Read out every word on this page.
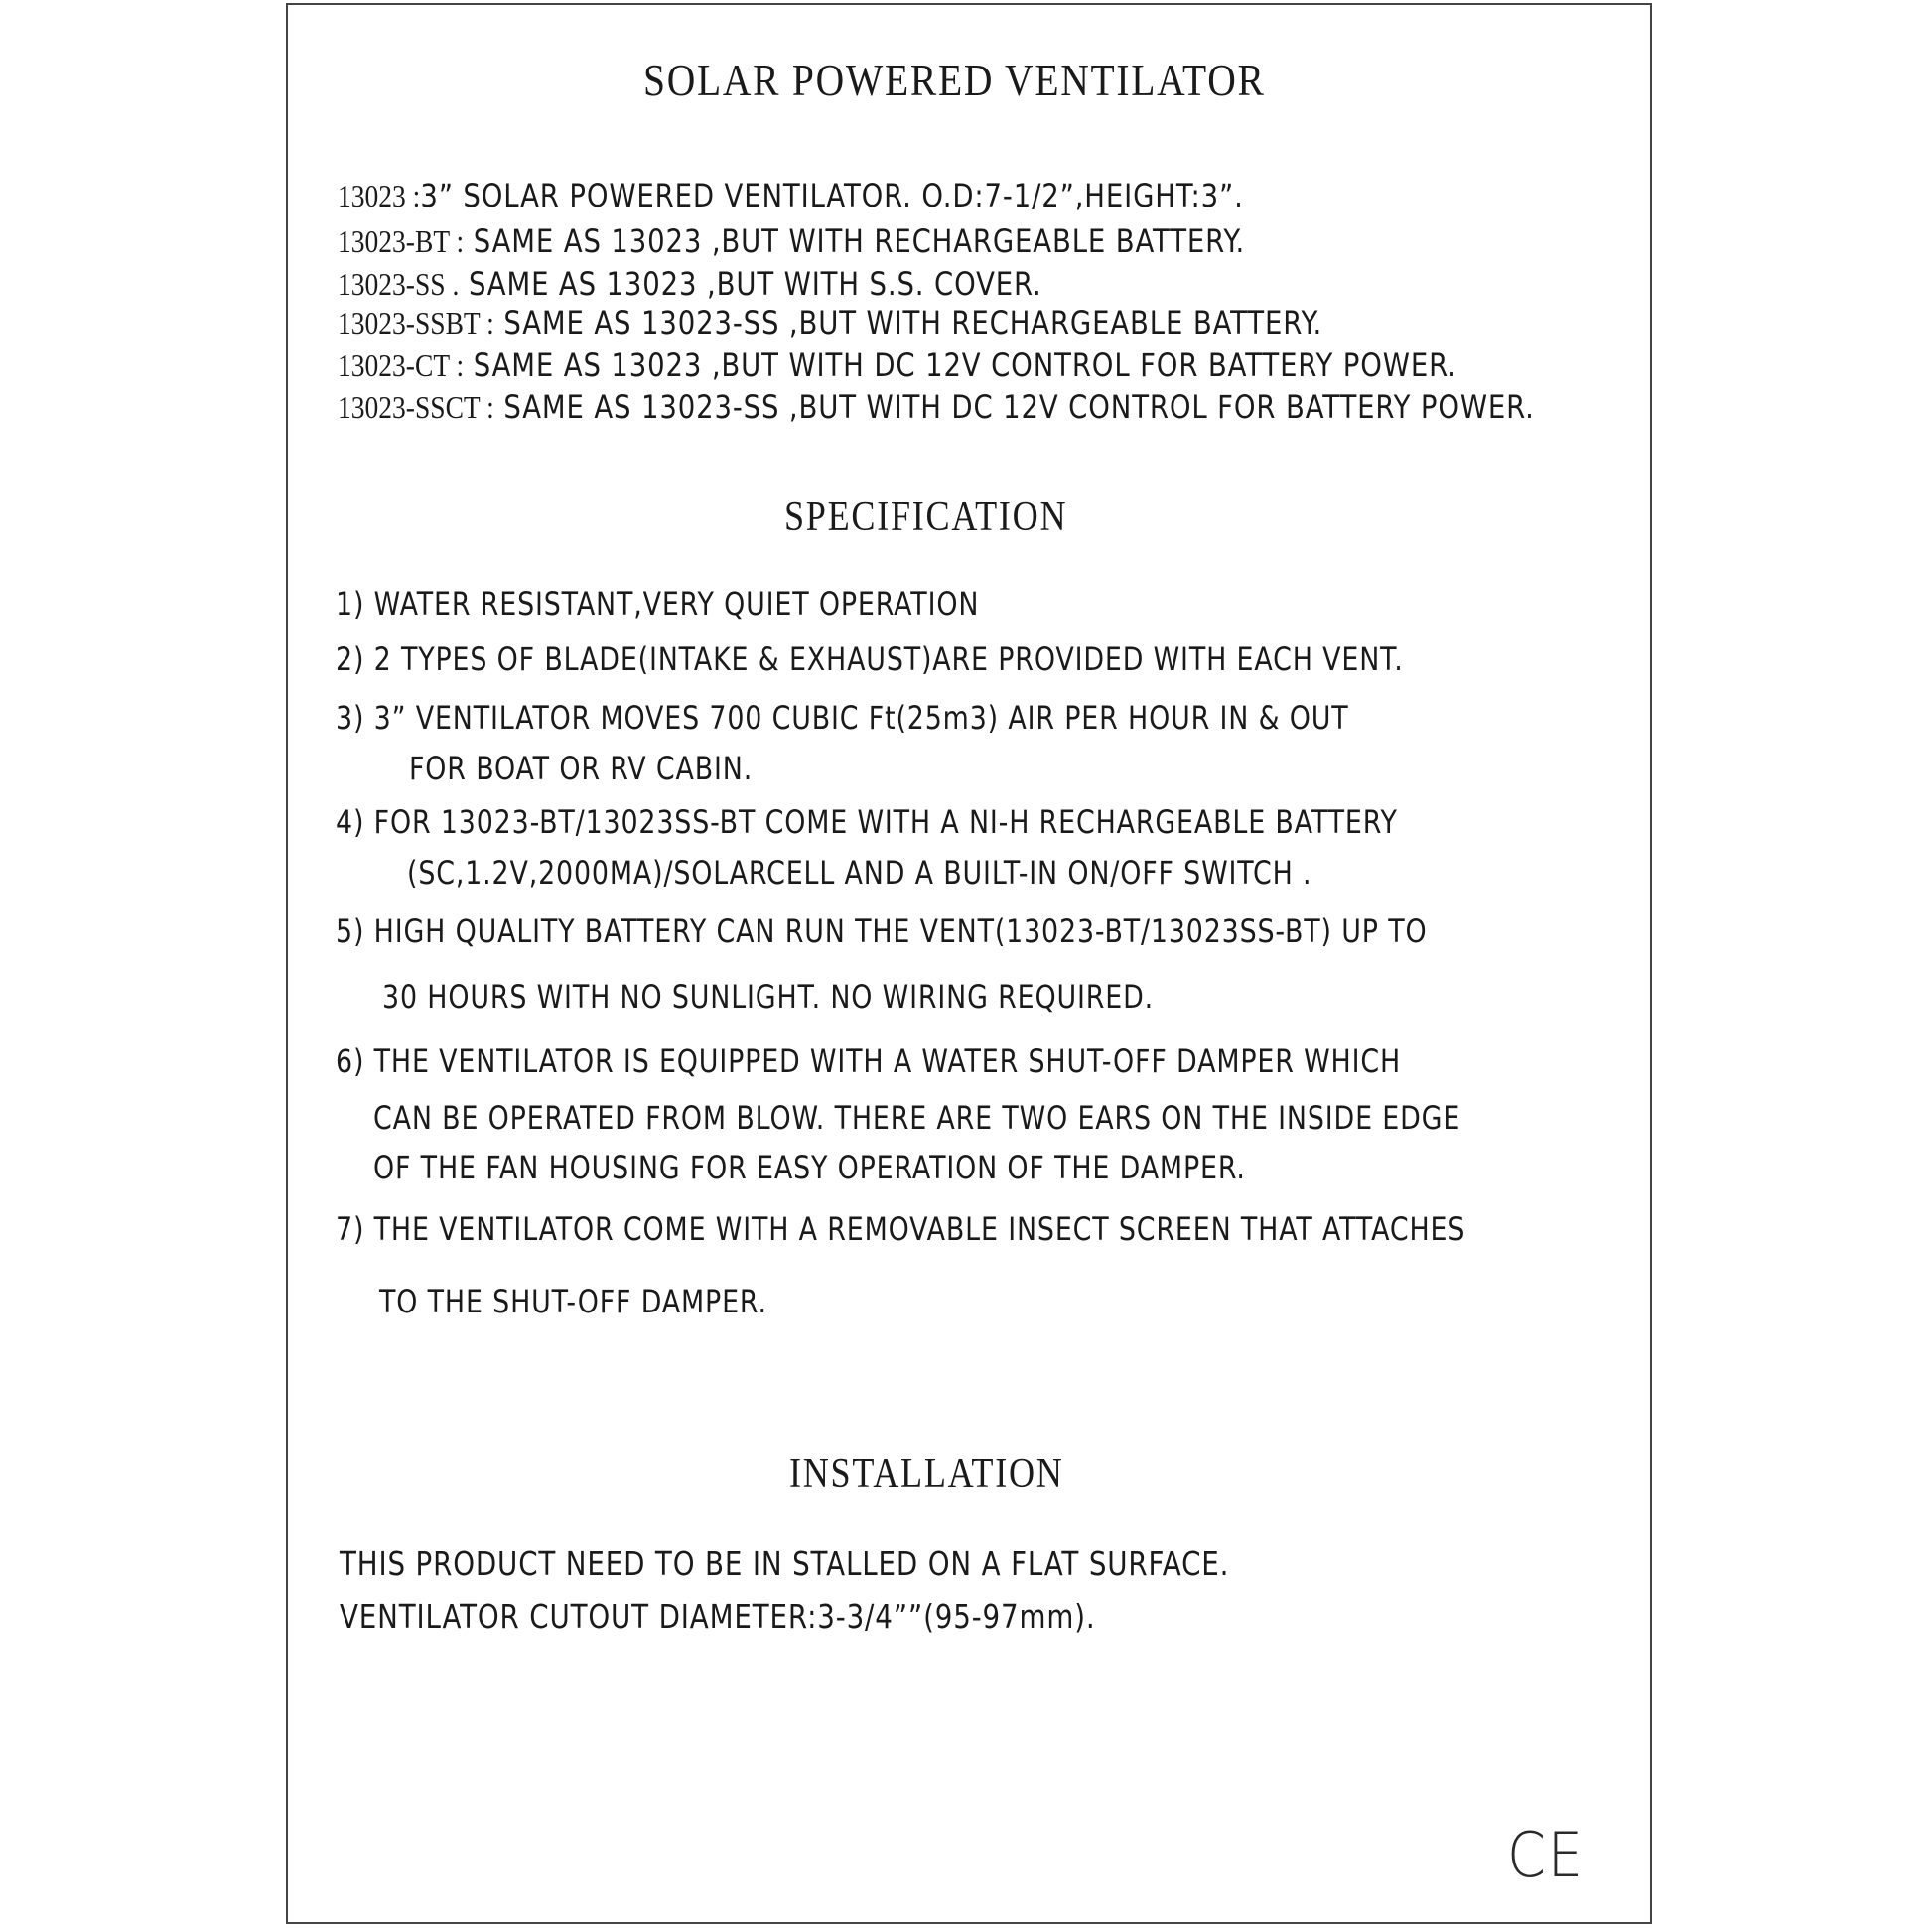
SOLAR POWERED VENTILATOR
13023 :3” SOLAR POWERED VENTILATOR. O.D:7-1/2”,HEIGHT:3”.
13023-BT : SAME AS 13023 ,BUT WITH RECHARGEABLE BATTERY.
13023-SS . SAME AS 13023 ,BUT WITH S.S. COVER.
13023-SSBT : SAME AS 13023-SS ,BUT WITH RECHARGEABLE BATTERY.
13023-CT : SAME AS 13023 ,BUT WITH DC 12V CONTROL FOR BATTERY POWER.
13023-SSCT : SAME AS 13023-SS ,BUT WITH DC 12V CONTROL FOR BATTERY POWER.
SPECIFICATION
1) WATER RESISTANT,VERY QUIET OPERATION
2) 2 TYPES OF BLADE(INTAKE & EXHAUST)ARE PROVIDED WITH EACH VENT.
3) 3” VENTILATOR MOVES 700 CUBIC Ft(25m3) AIR PER HOUR IN & OUT
FOR BOAT OR RV CABIN.
4) FOR 13023-BT/13023SS-BT COME WITH A NI-H RECHARGEABLE BATTERY
(SC,1.2V,2000MA)/SOLARCELL AND A BUILT-IN ON/OFF SWITCH .
5) HIGH QUALITY BATTERY CAN RUN THE VENT(13023-BT/13023SS-BT) UP TO
30 HOURS WITH NO SUNLIGHT. NO WIRING REQUIRED.
6) THE VENTILATOR IS EQUIPPED WITH A WATER SHUT-OFF DAMPER WHICH
CAN BE OPERATED FROM BLOW. THERE ARE TWO EARS ON THE INSIDE EDGE
OF THE FAN HOUSING FOR EASY OPERATION OF THE DAMPER.
7) THE VENTILATOR COME WITH A REMOVABLE INSECT SCREEN THAT ATTACHES
TO THE SHUT-OFF DAMPER.
INSTALLATION
THIS PRODUCT NEED TO BE IN STALLED ON A FLAT SURFACE.
VENTILATOR CUTOUT DIAMETER:3-3/4””(95-97mm).
CE
